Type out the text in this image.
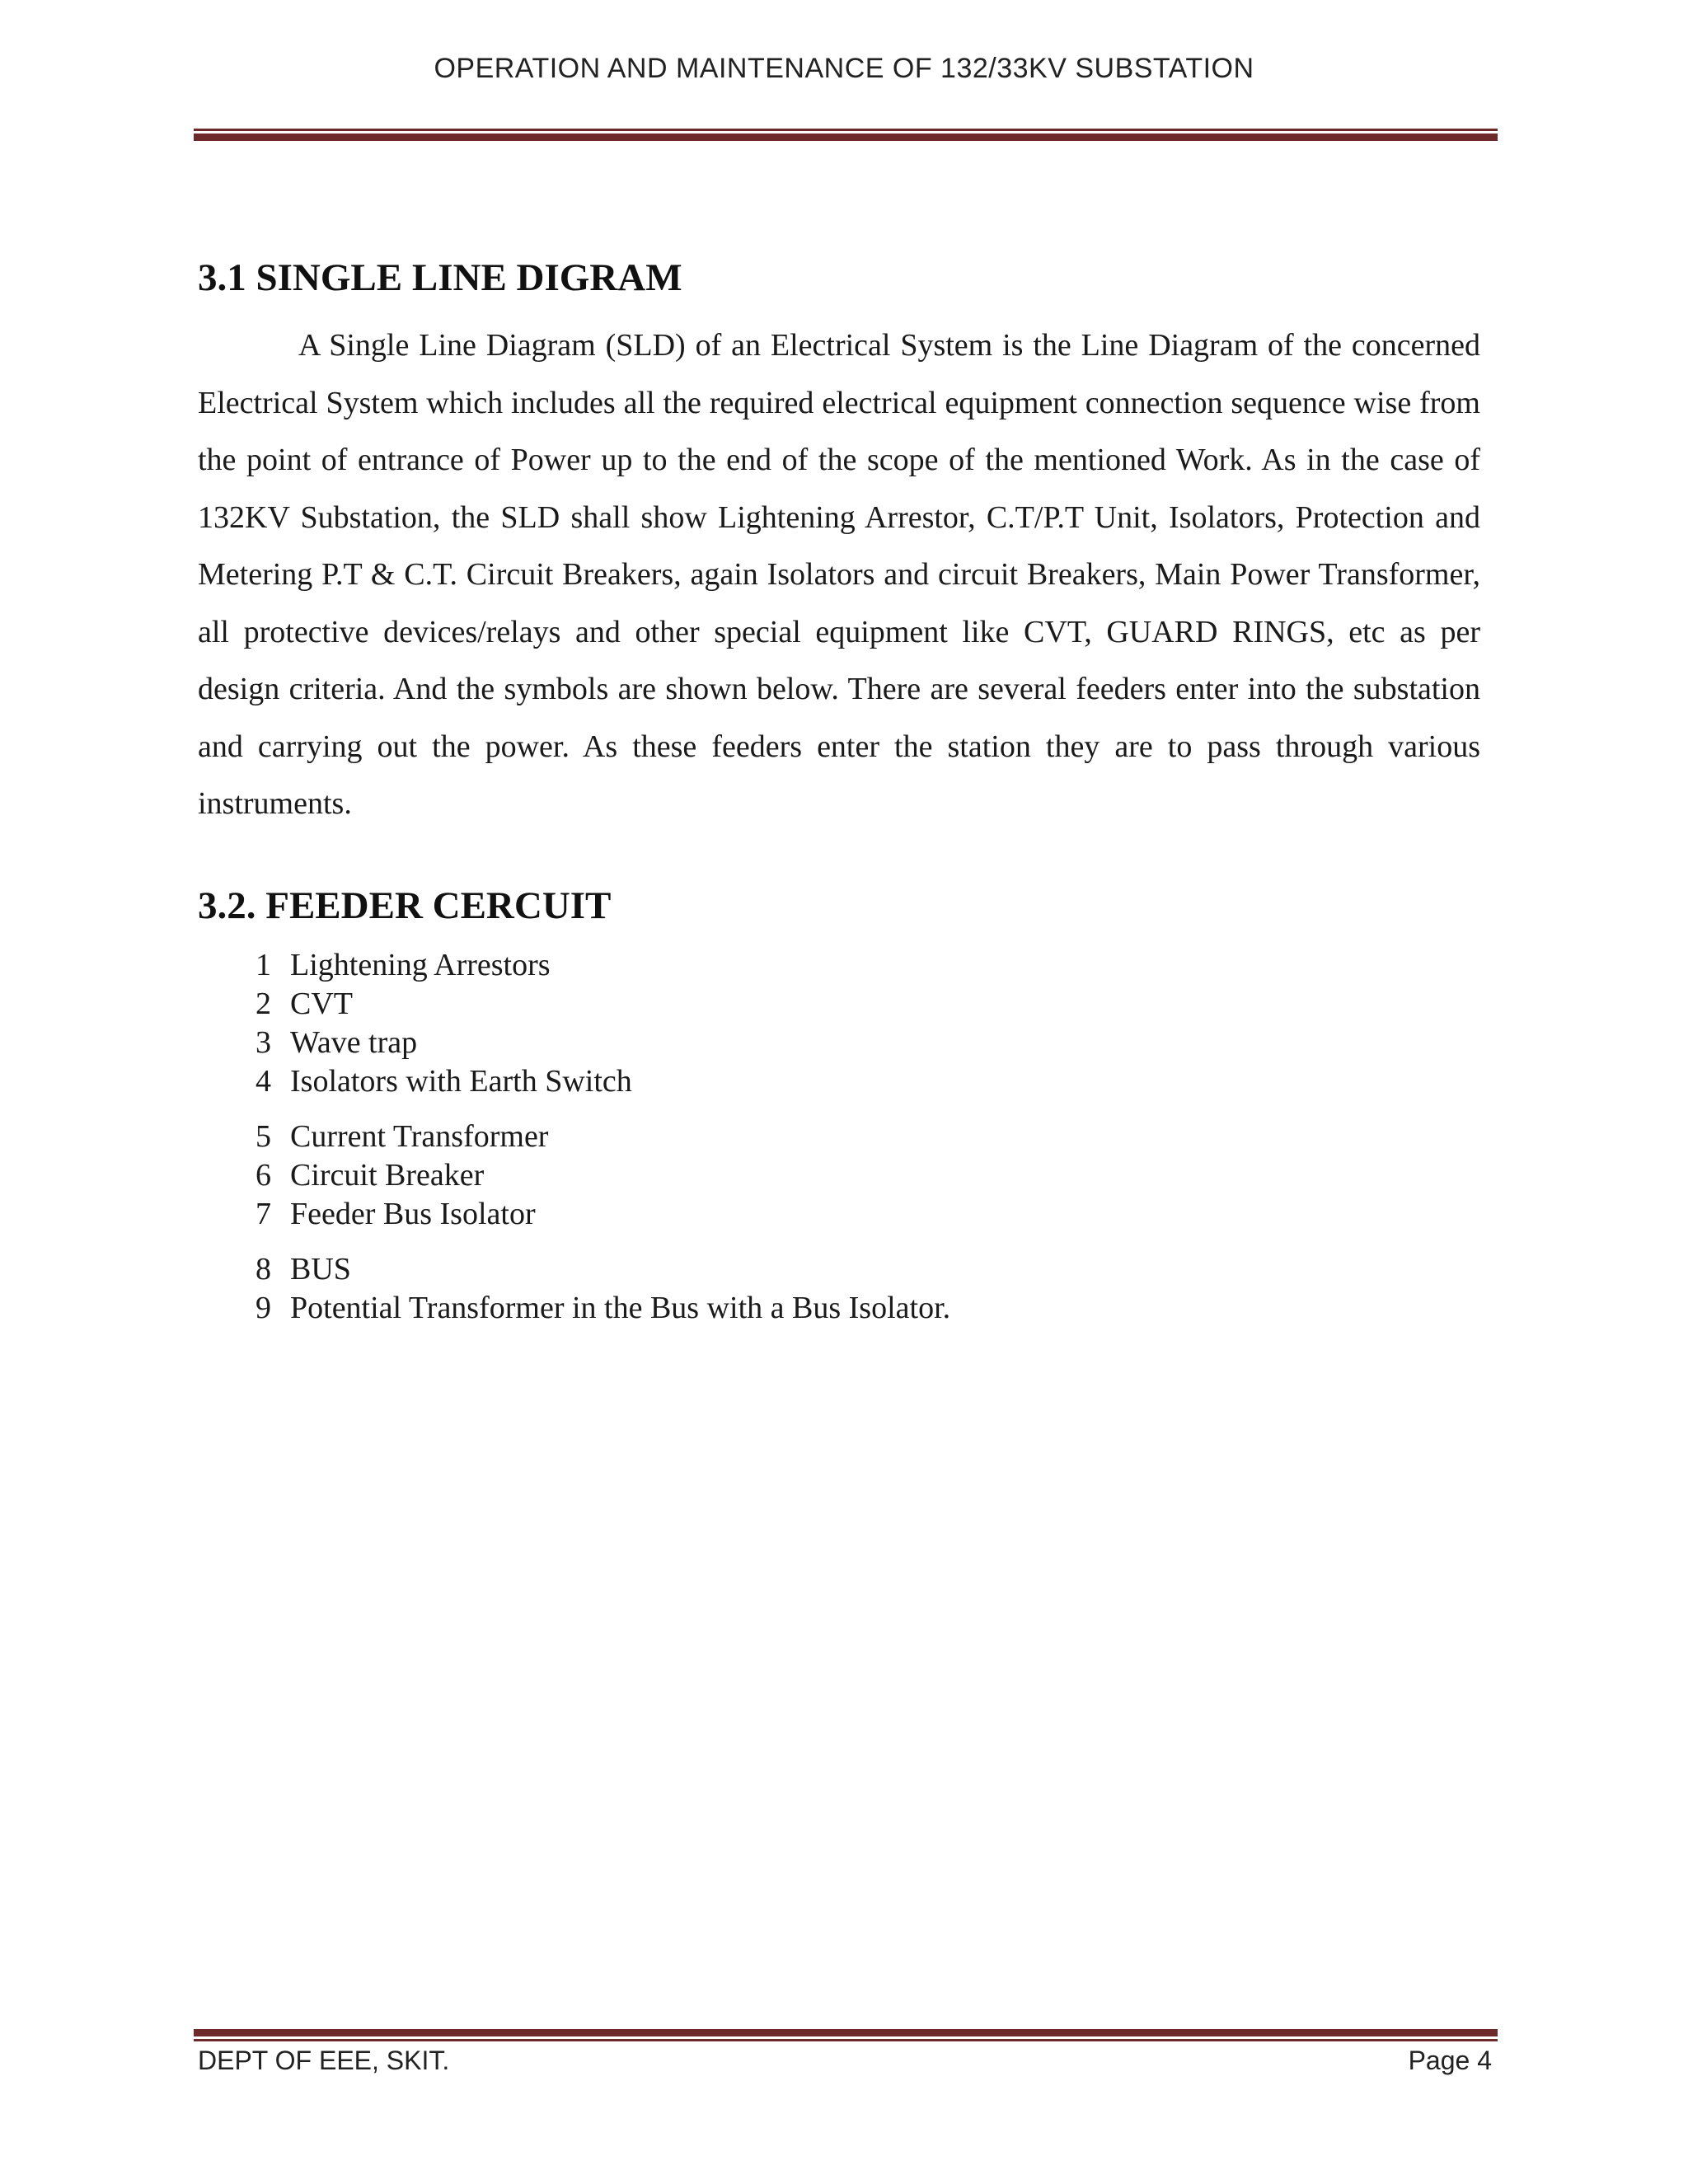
OPERATION AND MAINTENANCE OF 132/33KV SUBSTATION
3.1 SINGLE LINE DIGRAM
A Single Line Diagram (SLD) of an Electrical System is the Line Diagram of the concerned Electrical System which includes all the required electrical equipment connection sequence wise from the point of entrance of Power up to the end of the scope of the mentioned Work. As in the case of 132KV Substation, the SLD shall show Lightening Arrestor, C.T/P.T Unit, Isolators, Protection and Metering P.T & C.T. Circuit Breakers, again Isolators and circuit Breakers, Main Power Transformer, all protective devices/relays and other special equipment like CVT, GUARD RINGS, etc as per design criteria. And the symbols are shown below. There are several feeders enter into the substation and carrying out the power. As these feeders enter the station they are to pass through various instruments.
3.2. FEEDER CERCUIT
1 Lightening Arrestors
2 CVT
3 Wave trap
4 Isolators with Earth Switch
5 Current Transformer
6 Circuit Breaker
7 Feeder Bus Isolator
8 BUS
9 Potential Transformer in the Bus with a Bus Isolator.
DEPT OF EEE, SKIT.	Page 4
